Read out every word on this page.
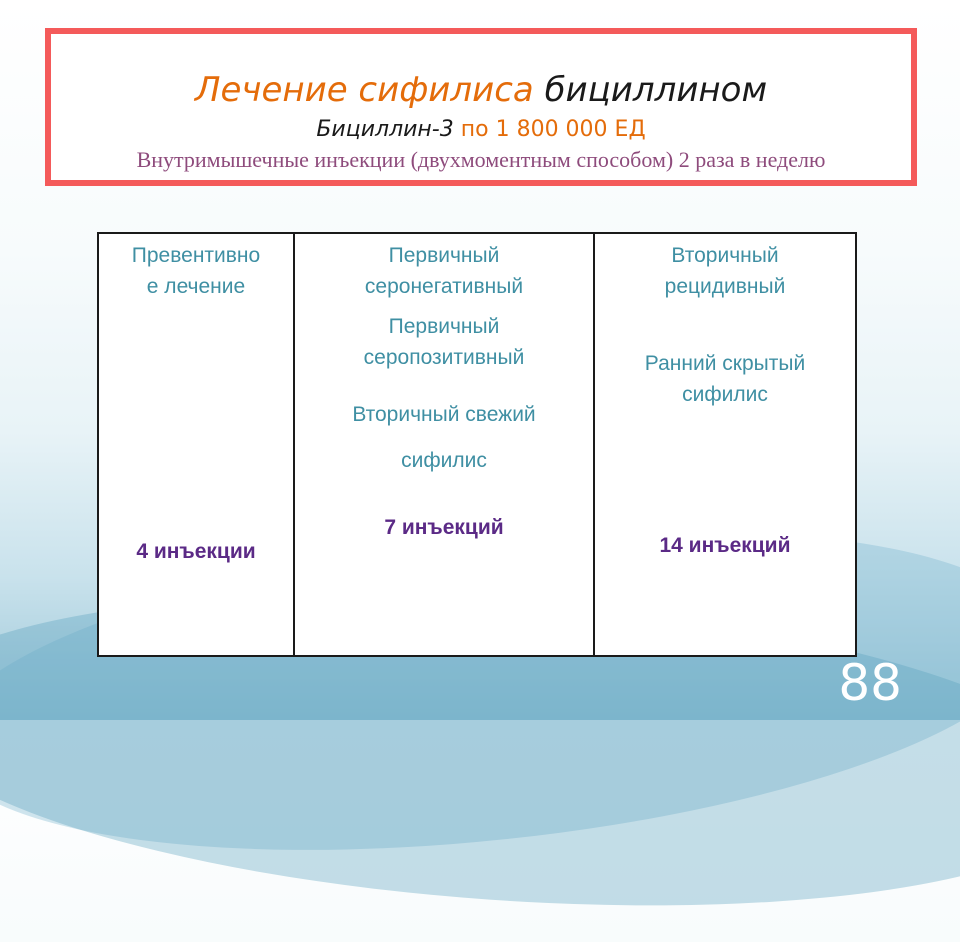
Лечение сифилиса бициллином
Бициллин-3 по 1 800 000 ЕД
Внутримышечные инъекции (двухмоментным способом) 2 раза в неделю
Превентивно
е лечение
4 инъекции

Первичный
серонегативный
Первичный
серопозитивный
Вторичный свежий
сифилис
7 инъекций

Вторичный
рецидивный
Ранний скрытый
сифилис
14 инъекций
88
